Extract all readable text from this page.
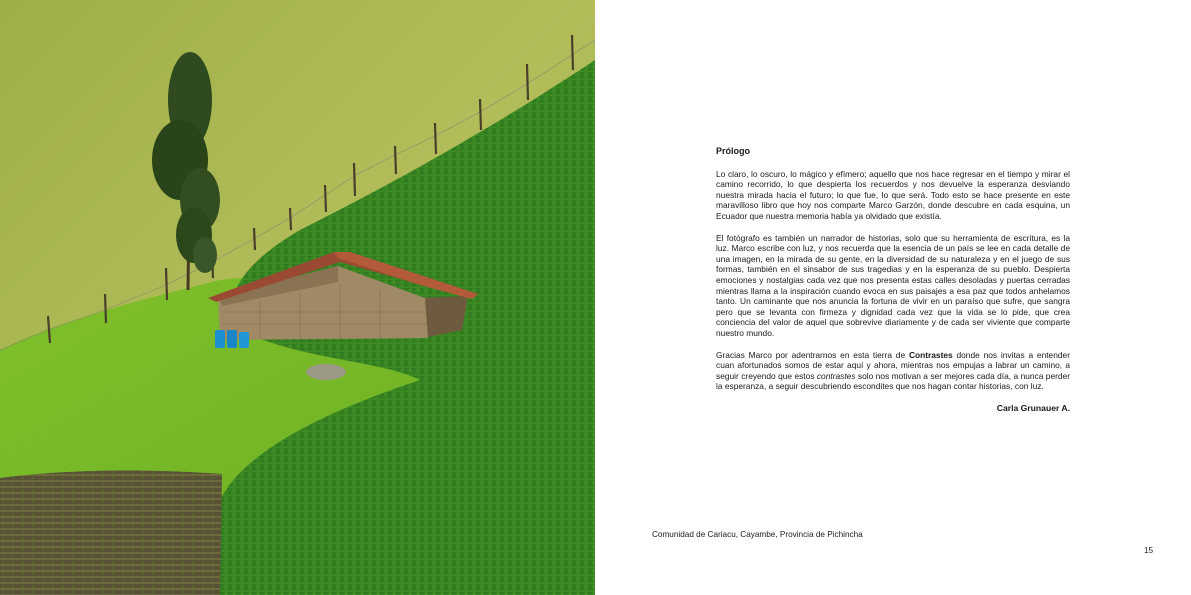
Prólogo

Lo claro, lo oscuro, lo mágico y efímero; aquello que nos hace regresar en el tiempo y mirar el camino recorrido, lo que despierta los recuerdos y nos devuelve la esperanza desviando nuestra mirada hacia el futuro; lo que fue, lo que será. Todo esto se hace presente en este maravilloso libro que hoy nos comparte Marco Garzón, donde descubre en cada esquina, un Ecuador que nuestra memoria había ya olvidado que existía.

El fotógrafo es también un narrador de historias, solo que su herramienta de escritura, es la luz. Marco escribe con luz, y nos recuerda que la esencia de un país se lee en cada detalle de una imagen, en la mirada de su gente, en la diversidad de su naturaleza y en el juego de sus formas, también en el sinsabor de sus tragedias y en la esperanza de su pueblo. Despierta emociones y nostalgias cada vez que nos presenta estas calles desoladas y puertas cerradas mientras llama a la inspiración cuando evoca en sus paisajes a esa paz que todos anhelamos tanto. Un caminante que nos anuncia la fortuna de vivir en un paraíso que sufre, que sangra pero que se levanta con firmeza y dignidad cada vez que la vida se lo pide, que crea conciencia del valor de aquel que sobrevive diariamente y de cada ser viviente que comparte nuestro mundo.

Gracias Marco por adentrarnos en esta tierra de Contrastes donde nos invitas a entender cuan afortunados somos de estar aquí y ahora, mientras nos empujas a labrar un camino, a seguir creyendo que estos contrastes solo nos motivan a ser mejores cada día, a nunca perder la esperanza, a seguir descubriendo escondites que nos hagan contar historias, con luz.

Carla Grunauer A.

Comunidad de Cariacu, Cayambe, Provincia de Pichincha
15
